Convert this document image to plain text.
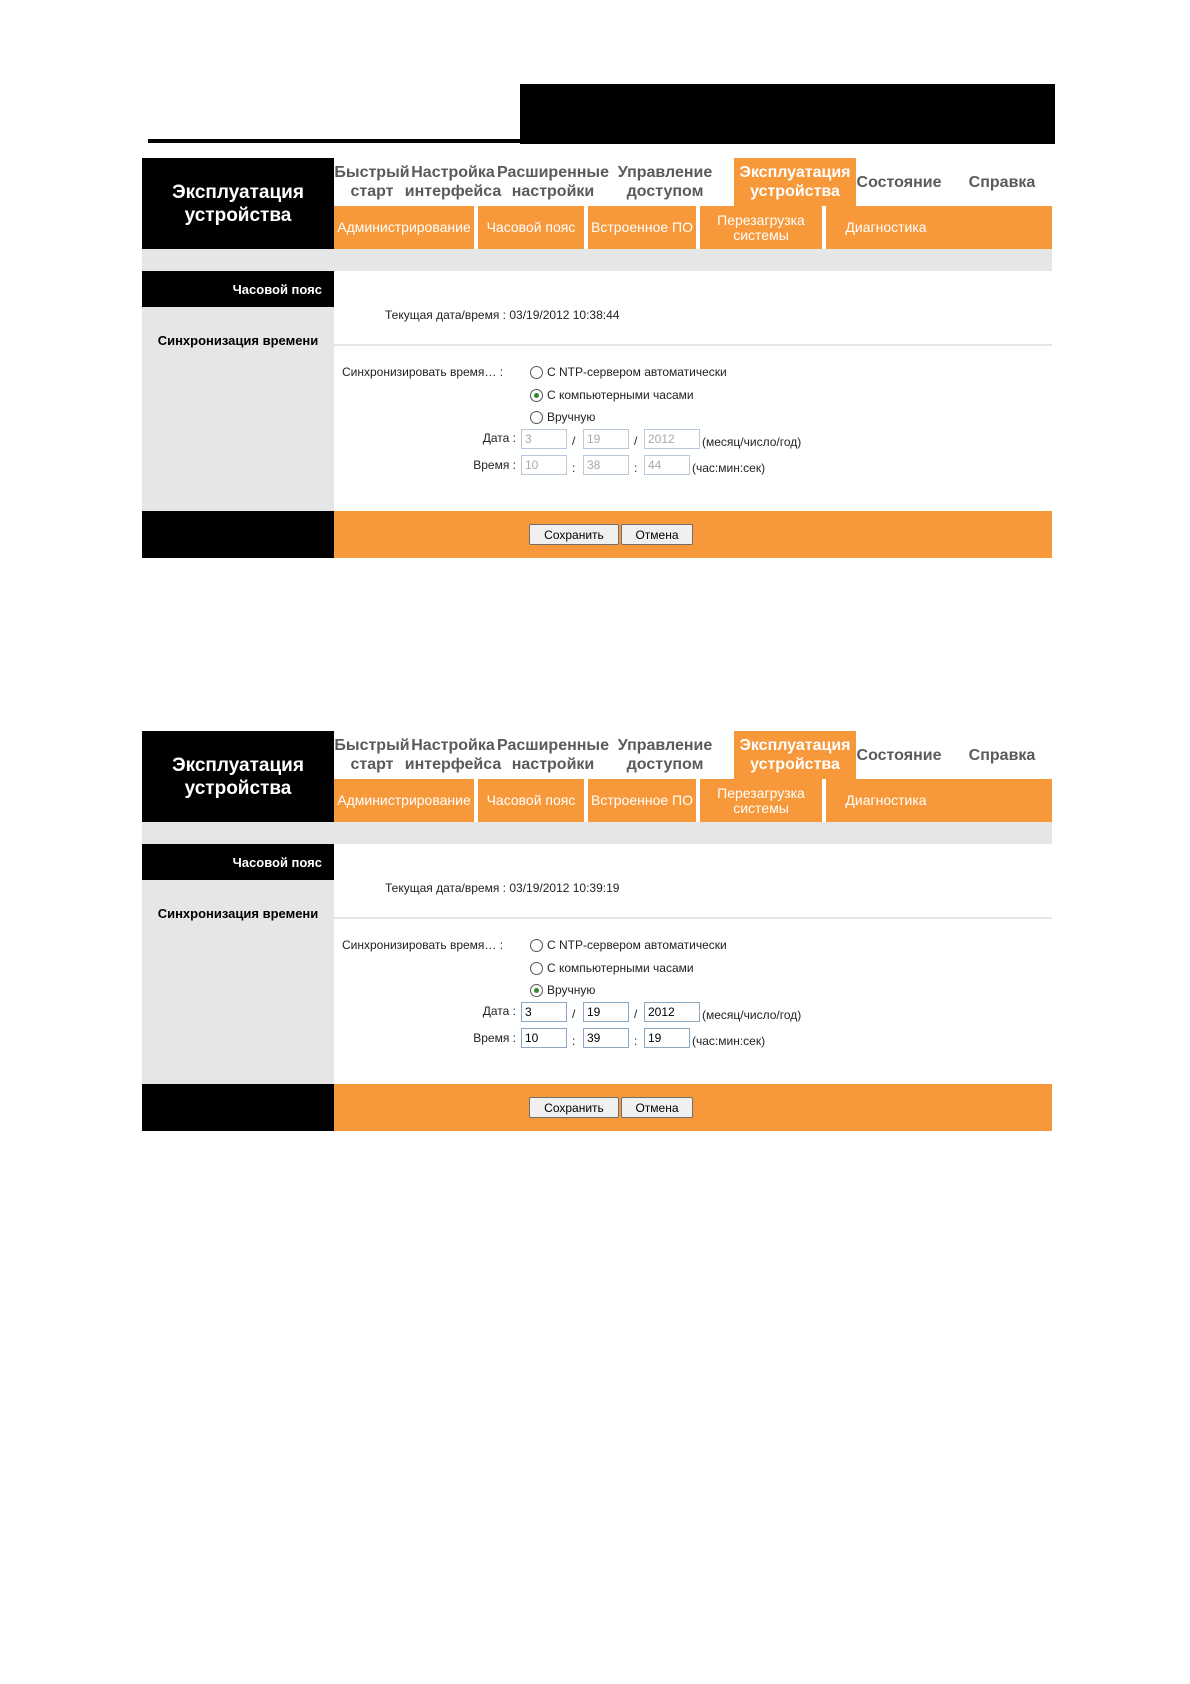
Эксплуатация устройства
Быстрый старт
Настройка интерфейса
Расширенные настройки
Управление доступом
Эксплуатация устройства
Состояние	Справка
Администрирование	Часовой пояс	Встроенное ПО Перезагрузка системы	Диагностика
Часовой пояс
Синхронизация времени
Текущая дата/время : 03/19/2012 10:38:44
Синхронизировать время… :	C NTP-сервером автоматически
С компьютерными часами
Вручную
Дата :
3	/
19	/
2012	(месяц/число/год)
Время :
10	:
38	:
44	(час:мин:сек)
Сохранить	Отмена
Эксплуатация устройства
Быстрый старт
Настройка интерфейса
Расширенные настройки
Управление доступом
Эксплуатация устройства
Состояние	Справка
Администрирование	Часовой пояс	Встроенное ПО Перезагрузка системы	Диагностика
Часовой пояс
Синхронизация времени
Текущая дата/время : 03/19/2012 10:39:19
Синхронизировать время… :	C NTP-сервером автоматически
С компьютерными часами
Вручную
Дата :
3	/
19	/
2012	(месяц/число/год)
Время :
10	:
39	:
19	(час:мин:сек)
Сохранить	Отмена
